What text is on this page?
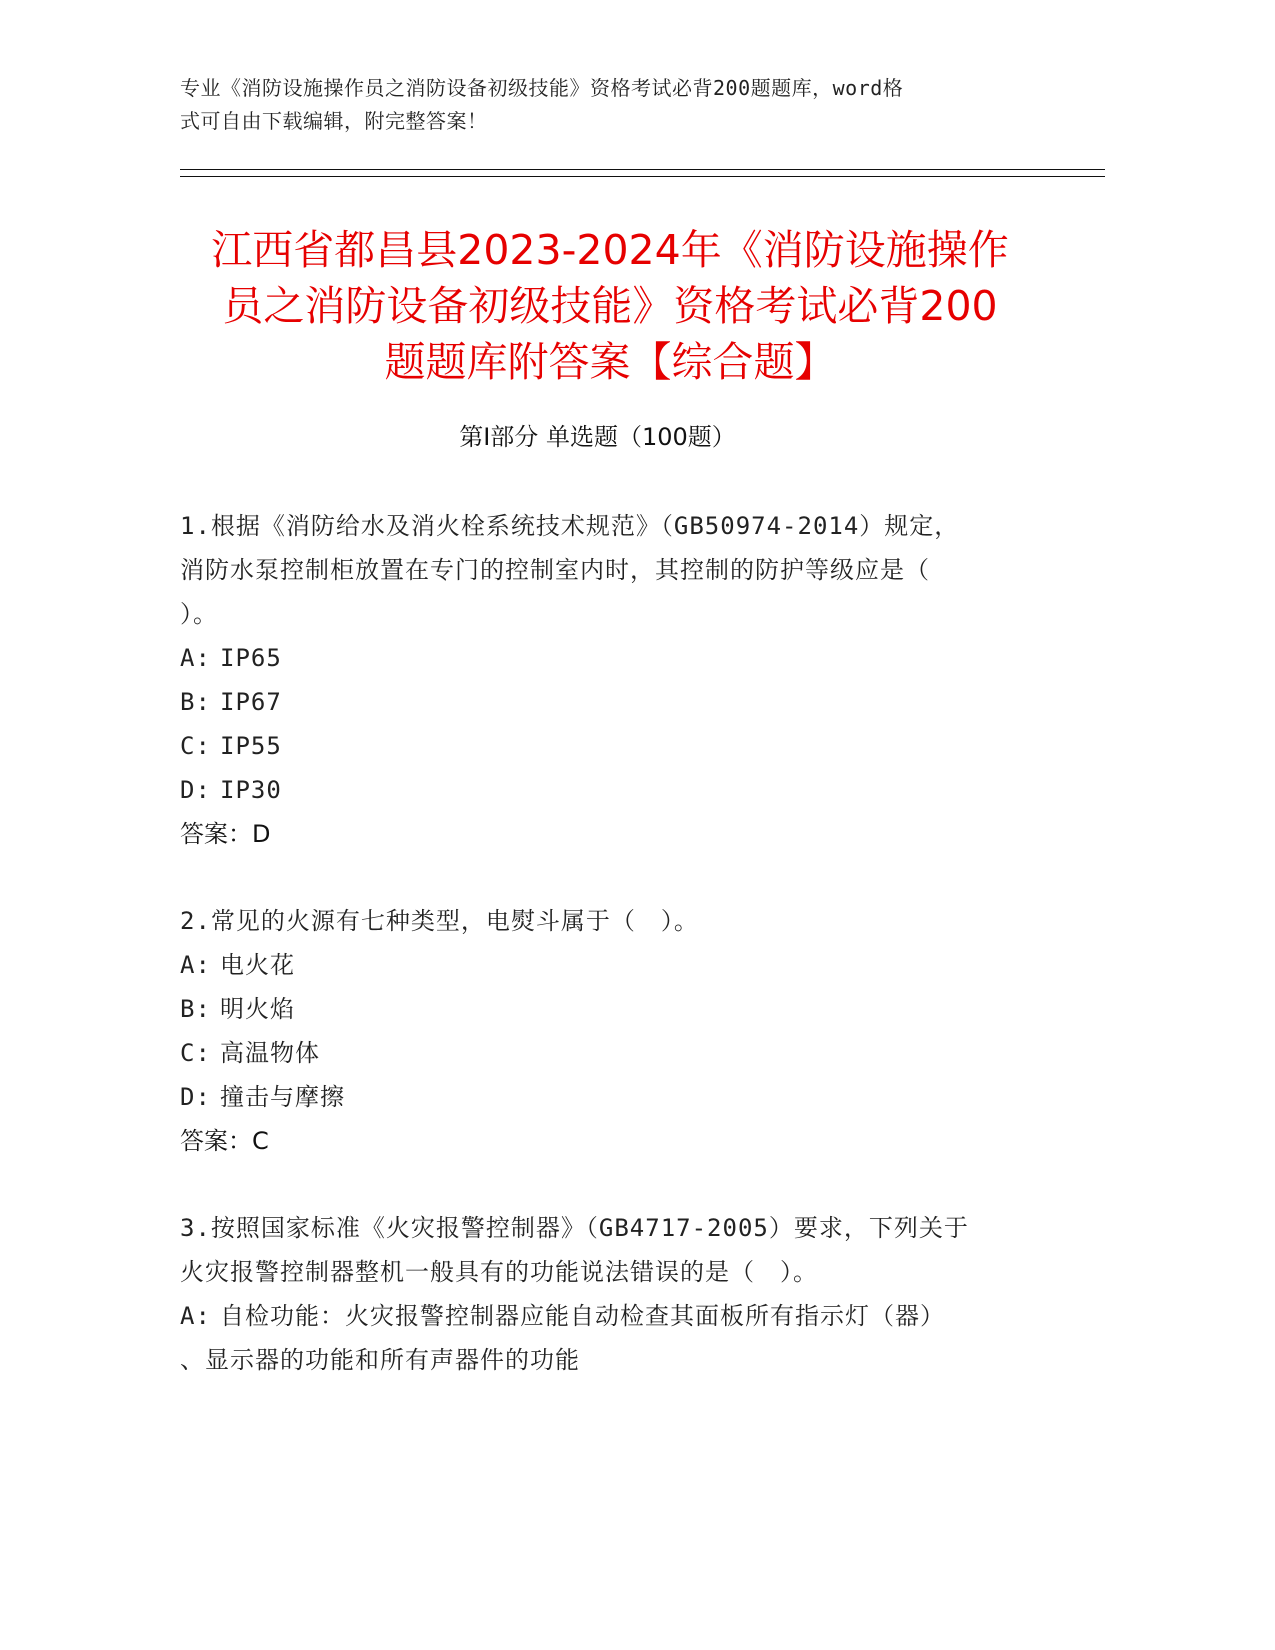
专业《消防设施操作员之消防设备初级技能》资格考试必背200题题库，word格
式可自由下载编辑，附完整答案！
江西省都昌县2023-2024年《消防设施操作
员之消防设备初级技能》资格考试必背200
题题库附答案【综合题】
第Ⅰ部分 单选题（100题）
1.根据《消防给水及消火栓系统技术规范》（GB50974-2014）规定，
消防水泵控制柜放置在专门的控制室内时，其控制的防护等级应是（
）。
A: IP65
B: IP67
C: IP55
D: IP30
答案：D
2.常见的火源有七种类型，电熨斗属于（　）。
A: 电火花
B: 明火焰
C: 高温物体
D: 撞击与摩擦
答案：C
3.按照国家标准《火灾报警控制器》（GB4717-2005）要求，下列关于
火灾报警控制器整机一般具有的功能说法错误的是（　）。
A: 自检功能：火灾报警控制器应能自动检查其面板所有指示灯（器）
、显示器的功能和所有声器件的功能
